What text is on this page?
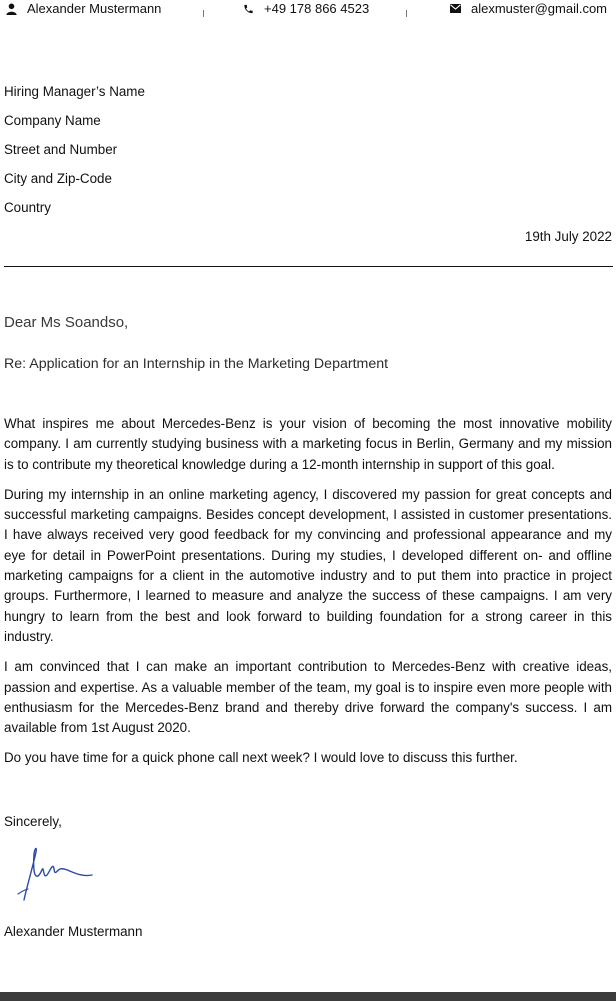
Alexander Mustermann	+49 178 866 4523	alexmuster@gmail.com
Hiring Manager’s Name
Company Name
Street and Number
City and Zip-Code
Country
19th July 2022
Dear Ms Soandso,
Re: Application for an Internship in the Marketing Department

What inspires me about Mercedes-Benz is your vision of becoming the most innovative mobility company. I am currently studying business with a marketing focus in Berlin, Germany and my mission is to contribute my theoretical knowledge during a 12-month internship in support of this goal.

During my internship in an online marketing agency, I discovered my passion for great concepts and successful marketing campaigns. Besides concept development, I assisted in customer presentations. I have always received very good feedback for my convincing and professional appearance and my eye for detail in PowerPoint presentations. During my studies, I developed different on- and offline marketing campaigns for a client in the automotive industry and to put them into practice in project groups. Furthermore, I learned to measure and analyze the success of these campaigns. I am very hungry to learn from the best and look forward to building foundation for a strong career in this industry.

I am convinced that I can make an important contribution to Mercedes-Benz with creative ideas, passion and expertise. As a valuable member of the team, my goal is to inspire even more people with enthusiasm for the Mercedes-Benz brand and thereby drive forward the company's success. I am available from 1st August 2020.

Do you have time for a quick phone call next week? I would love to discuss this further.

Sincerely,
Alexander Mustermann
